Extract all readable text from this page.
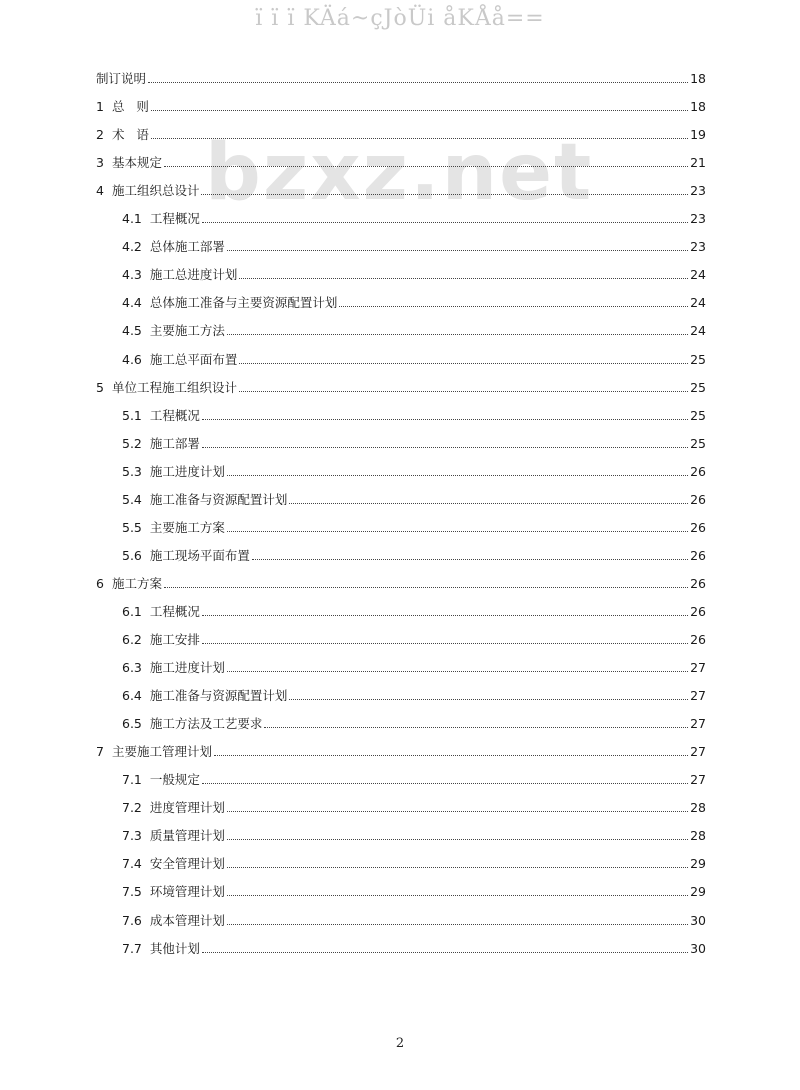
ï ï ï KÄá~çJòÜi åKÅå==
bzxz.net
制订说明	18
1 总   则	18
2 术   语	19
3 基本规定	21
4 施工组织总设计	23
4.1 工程概况	23
4.2 总体施工部署	23
4.3 施工总进度计划	24
4.4 总体施工准备与主要资源配置计划	24
4.5 主要施工方法	24
4.6 施工总平面布置	25
5 单位工程施工组织设计	25
5.1 工程概况	25
5.2 施工部署	25
5.3 施工进度计划	26
5.4 施工准备与资源配置计划	26
5.5 主要施工方案	26
5.6 施工现场平面布置	26
6 施工方案	26
6.1 工程概况	26
6.2 施工安排	26
6.3 施工进度计划	27
6.4 施工准备与资源配置计划	27
6.5 施工方法及工艺要求	27
7 主要施工管理计划	27
7.1 一般规定	27
7.2 进度管理计划	28
7.3 质量管理计划	28
7.4 安全管理计划	29
7.5 环境管理计划	29
7.6 成本管理计划	30
7.7 其他计划	30
2
